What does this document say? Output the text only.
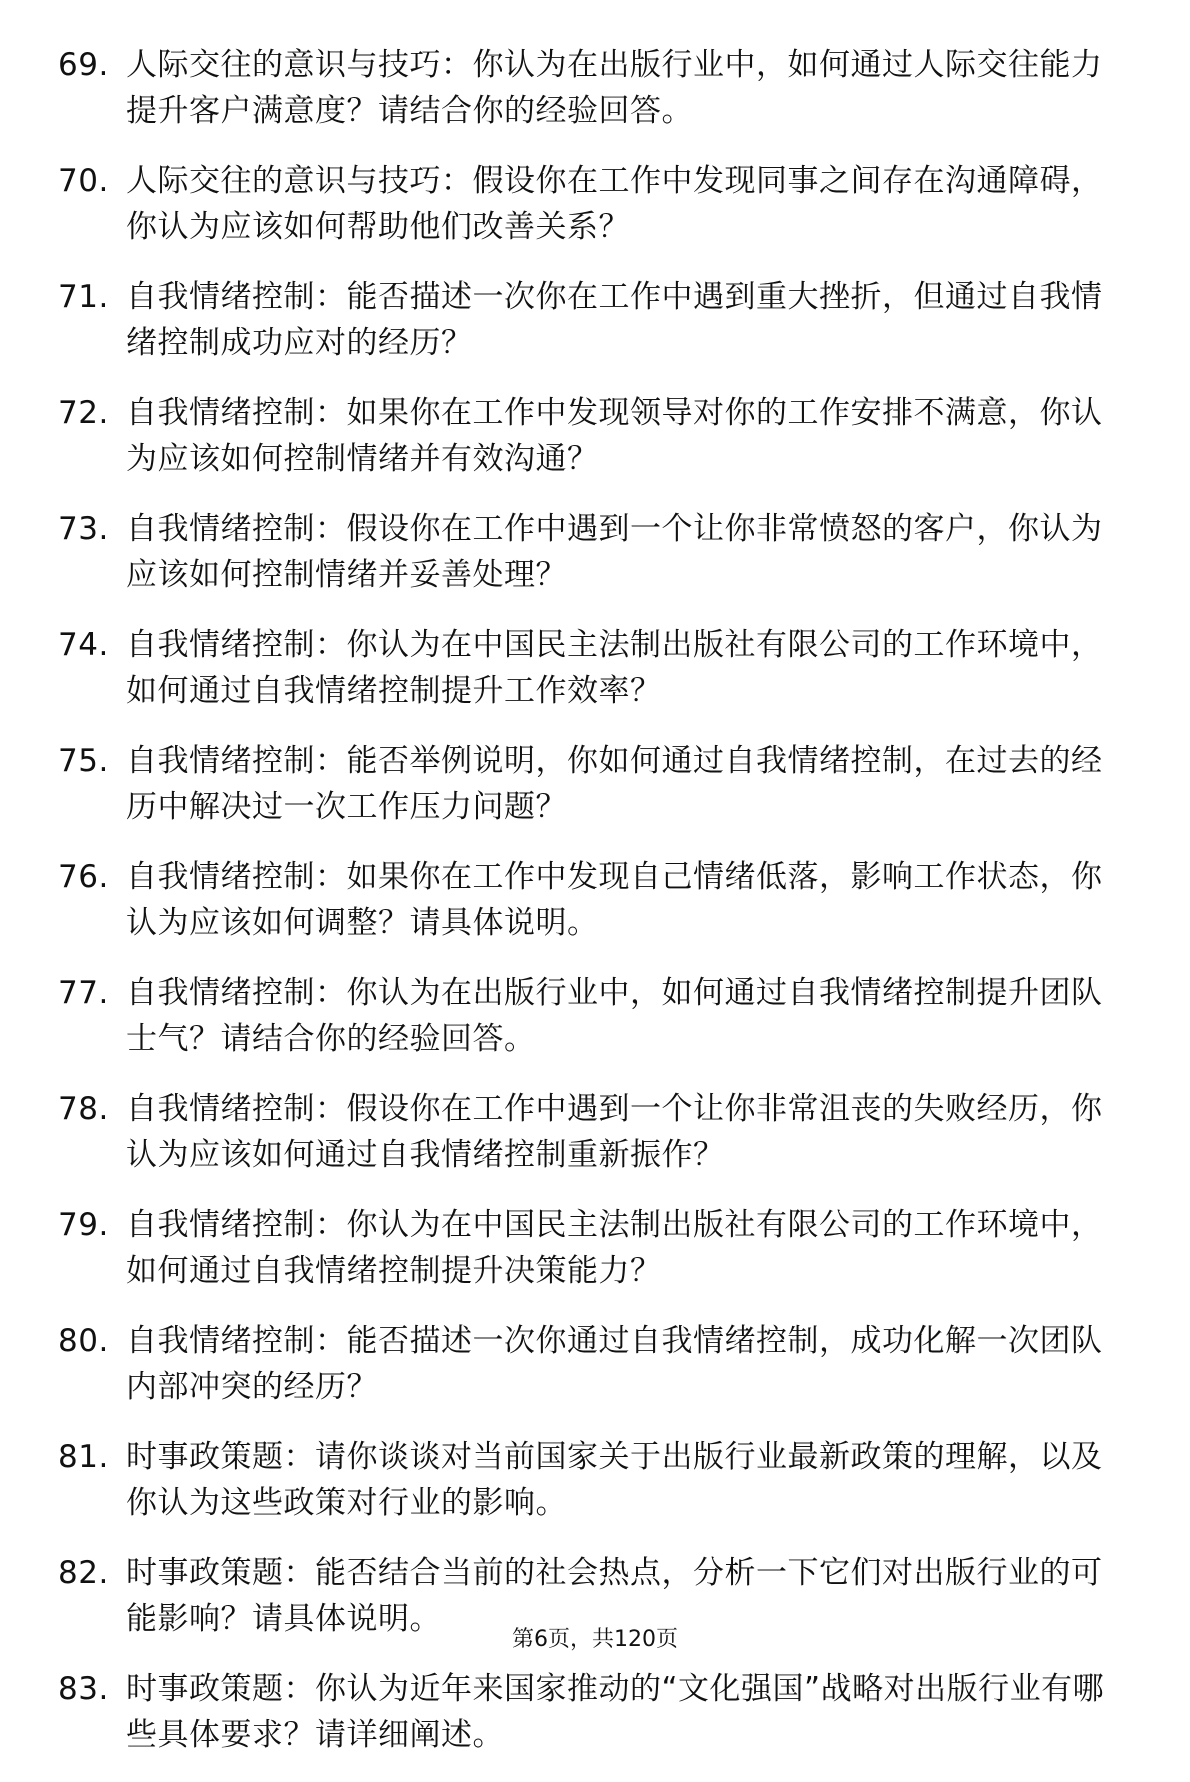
69. 人际交往的意识与技巧：你认为在出版行业中，如何通过人际交往能力提升客户满意度？请结合你的经验回答。

70. 人际交往的意识与技巧：假设你在工作中发现同事之间存在沟通障碍，你认为应该如何帮助他们改善关系？

71. 自我情绪控制：能否描述一次你在工作中遇到重大挫折，但通过自我情绪控制成功应对的经历？

72. 自我情绪控制：如果你在工作中发现领导对你的工作安排不满意，你认为应该如何控制情绪并有效沟通？

73. 自我情绪控制：假设你在工作中遇到一个让你非常愤怒的客户，你认为应该如何控制情绪并妥善处理？

74. 自我情绪控制：你认为在中国民主法制出版社有限公司的工作环境中，如何通过自我情绪控制提升工作效率？

75. 自我情绪控制：能否举例说明，你如何通过自我情绪控制，在过去的经历中解决过一次工作压力问题？

76. 自我情绪控制：如果你在工作中发现自己情绪低落，影响工作状态，你认为应该如何调整？请具体说明。

77. 自我情绪控制：你认为在出版行业中，如何通过自我情绪控制提升团队士气？请结合你的经验回答。

78. 自我情绪控制：假设你在工作中遇到一个让你非常沮丧的失败经历，你认为应该如何通过自我情绪控制重新振作？

79. 自我情绪控制：你认为在中国民主法制出版社有限公司的工作环境中，如何通过自我情绪控制提升决策能力？

80. 自我情绪控制：能否描述一次你通过自我情绪控制，成功化解一次团队内部冲突的经历？

81. 时事政策题：请你谈谈对当前国家关于出版行业最新政策的理解，以及你认为这些政策对行业的影响。

82. 时事政策题：能否结合当前的社会热点，分析一下它们对出版行业的可能影响？请具体说明。

83. 时事政策题：你认为近年来国家推动的“文化强国”战略对出版行业有哪些具体要求？请详细阐述。

第6页，共120页
